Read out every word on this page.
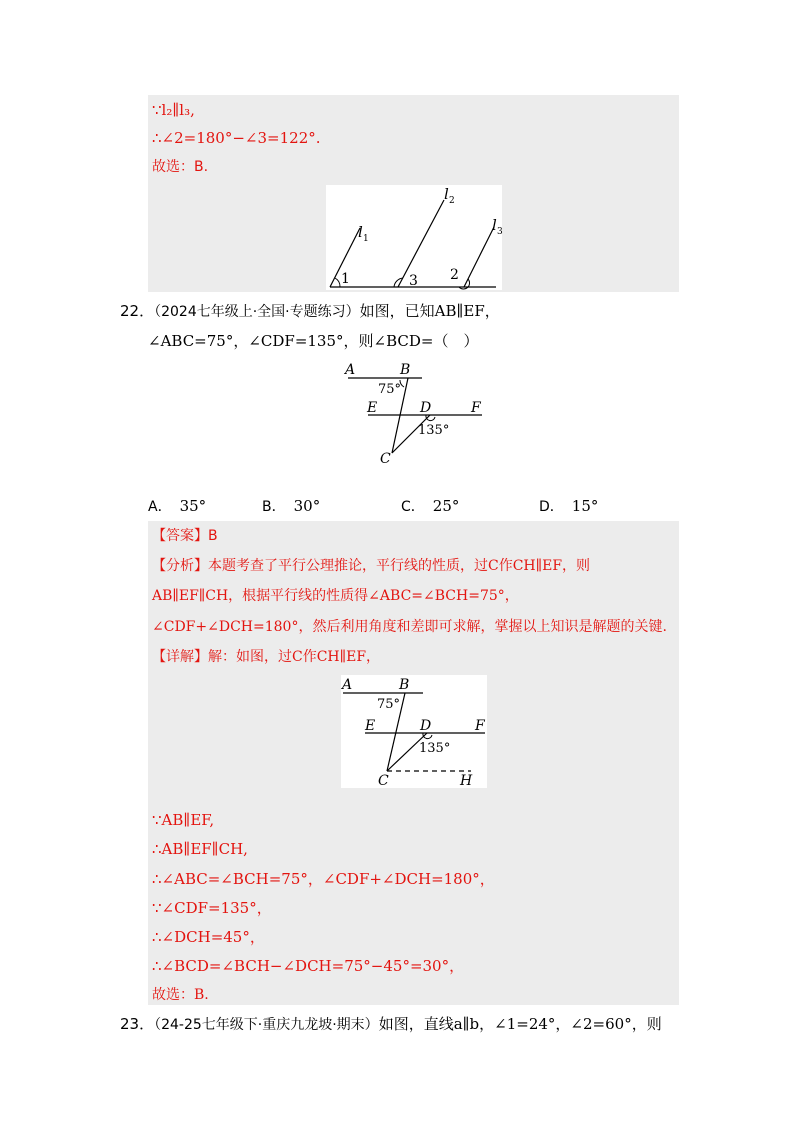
∵l₂∥l₃,
∴∠2=180°−∠3=122°.
故选：B.
l 1
l 2
l 3
1	3 2
22．（2024七年级上·全国·专题练习）如图，已知AB∥EF，
∠ABC=75°，∠CDF=135°，则∠BCD=（　）
A	B
75°
E	D	F
135°
C
A． 35°	B． 30°	C． 25°	D． 15°
【答案】B
【分析】本题考查了平行公理推论，平行线的性质，过C作CH∥EF，则
AB∥EF∥CH，根据平行线的性质得∠ABC=∠BCH=75°，
∠CDF+∠DCH=180°，然后利用角度和差即可求解，掌握以上知识是解题的关键.
【详解】解：如图，过C作CH∥EF，
A	B
75°
E	D	F
135°
C	H
∵AB∥EF,
∴AB∥EF∥CH,
∴∠ABC=∠BCH=75°，∠CDF+∠DCH=180°，
∵∠CDF=135°，
∴∠DCH=45°，
∴∠BCD=∠BCH−∠DCH=75°−45°=30°，
故选：B.
23．（24-25七年级下·重庆九龙坡·期末）如图，直线a∥b，∠1=24°，∠2=60°，则
